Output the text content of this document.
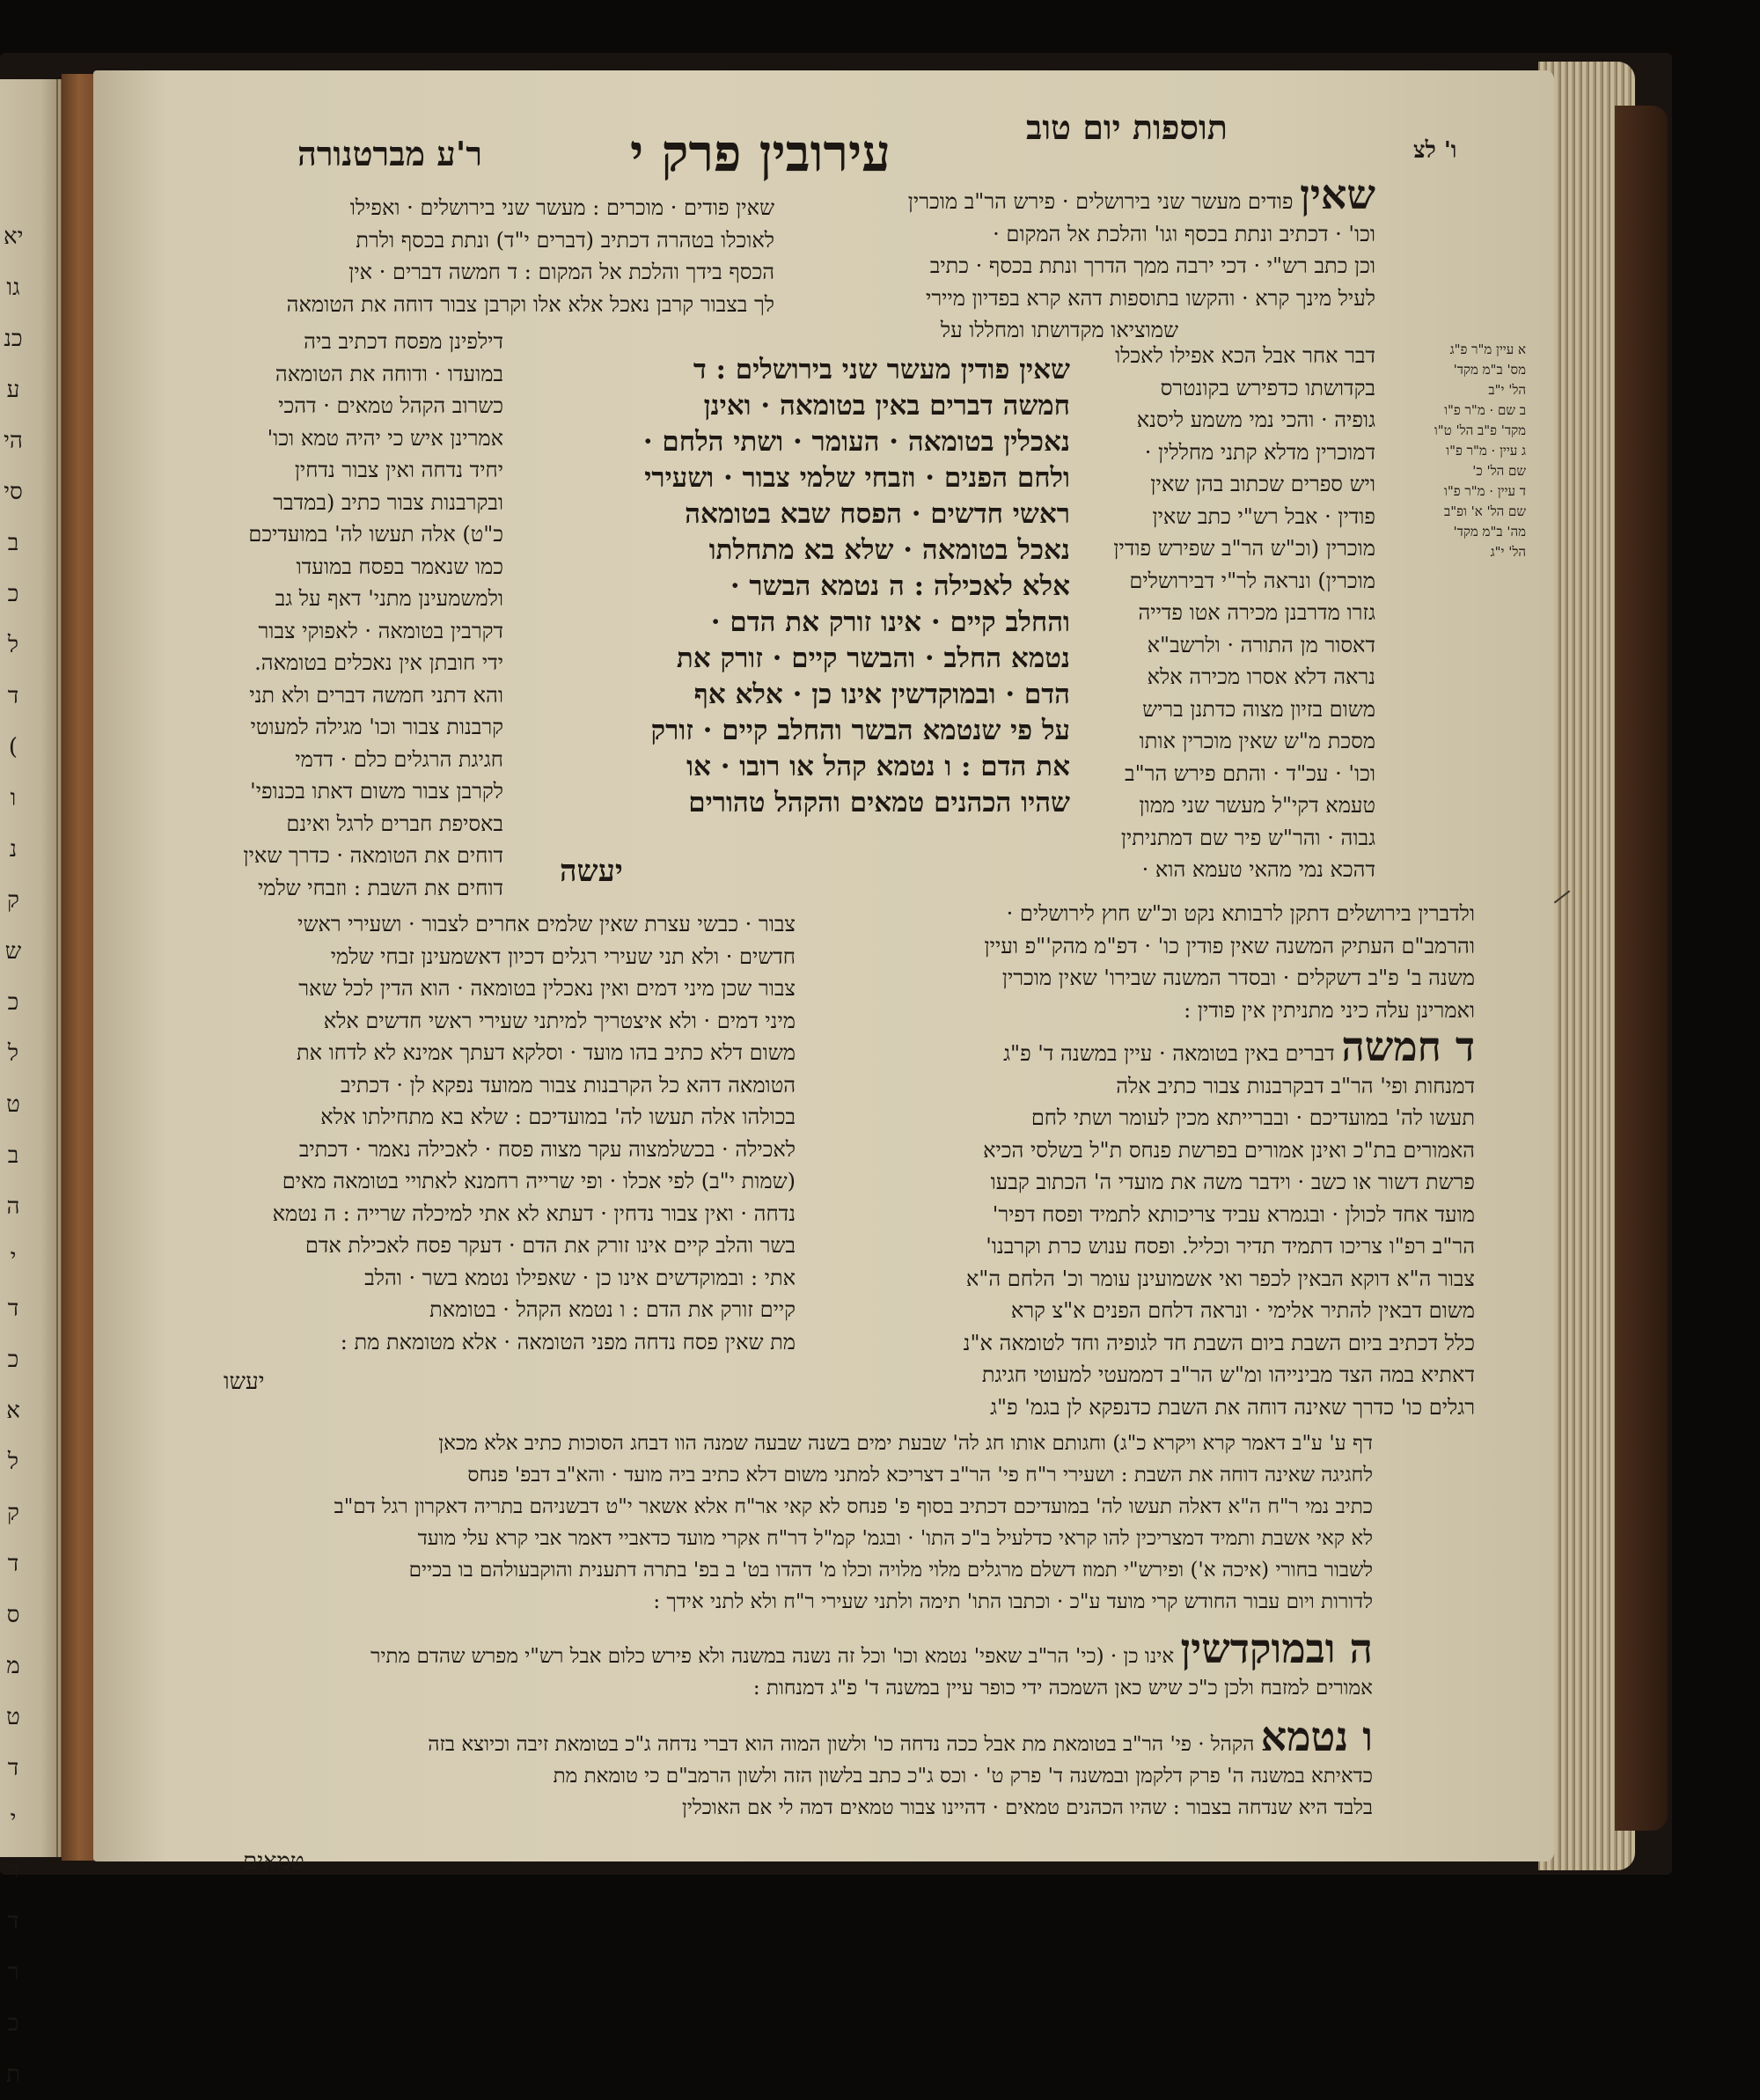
יא
גו
כנ
ע
הי
סי
ב
כ
ל
ד
(
ו
נ
ק
ש
כ
ל
ט
ב
ה
י
ד
כ
א
ל
ק
ד
ס
מ
ט
ד
י
ר
ד
ר
כ
ת
ו' לצ
תוספות יום טוב
עירובין פרק י
ר'ע מברטנורה
שאין פודים מעשר שני בירושלים · פירש הר"ב מוכרין
וכו' · דכתיב ונתת בכסף וגו' והלכת אל המקום ·
וכן כתב רש"י · דכי ירבה ממך הדרך ונתת בכסף · כתיב
לעיל מינך קרא · והקשו בתוספות דהא קרא בפדיון מיירי
שמוציאו מקדושתו ומחללו על
א עיין מ"ר פ"ג
מס' ב"מ מקד'
הל' י"ב
ב שם · מ"ר פ"ו
מקד' פ"ב הל' ט"ו
ג עיין · מ"ר פ"ו
שם הל' כ'
ד עיין · מ"ר פ"ו
שם הל' א' ופ"ב
מה' ב"מ מקד'
הל' י"ג
דבר אחר אבל הכא אפילו לאכלו
בקדושתו כדפירש בקונטרס
גופיה · והכי נמי משמע ליסנא
דמוכרין מדלא קתני מחללין ·
ויש ספרים שכתוב בהן שאין
פודין · אבל רש"י כתב שאין
מוכרין (וכ"ש הר"ב שפירש פודין
מוכרין) ונראה לר"י דבירושלים
גזרו מדרבנן מכירה אטו פדייה
דאסור מן התורה · ולרשב"א
נראה דלא אסרו מכירה אלא
משום בזיון מצוה כדתנן בריש
מסכת מ"ש שאין מוכרין אותו
וכו' · עכ"ד · והתם פירש הר"ב
טעמא דקי"ל מעשר שני ממון
גבוה · והר"ש פיר שם דמתניתין
דהכא נמי מהאי טעמא הוא ·
שאין פודין מעשר שני בירושלים : ד
חמשה דברים באין בטומאה · ואינן
נאכלין בטומאה · העומר · ושתי הלחם ·
ולחם הפנים · וזבחי שלמי צבור · ושעירי
ראשי חדשים · הפסח שבא בטומאה
נאכל בטומאה · שלא בא מתחלתו
אלא לאכילה : ה נטמא הבשר ·
והחלב קיים · אינו זורק את הדם ·
נטמא החלב · והבשר קיים · זורק את
הדם · ובמוקדשין אינו כן · אלא אף
על פי שנטמא הבשר והחלב קיים · זורק
את הדם : ו נטמא קהל או רובו · או
שהיו הכהנים טמאים והקהל טהורים
יעשה
שאין פודים · מוכרים : מעשר שני בירושלים · ואפילו
לאוכלו בטהרה דכתיב (דברים י"ד) ונתת בכסף ולרת
הכסף בידך והלכת אל המקום : ד חמשה דברים · אין
לך בצבור קרבן נאכל אלא אלו וקרבן צבור דוחה את הטומאה
דילפינן מפסח דכתיב ביה
במועדו · ודוחה את הטומאה
כשרוב הקהל טמאים · דהכי
אמרינן איש כי יהיה טמא וכו'
יחיד נדחה ואין צבור נדחין
ובקרבנות צבור כתיב (במדבר
כ"ט) אלה תעשו לה' במועדיכם
כמו שנאמר בפסח במועדו
ולמשמעינן מתני' דאף על גב
דקרבין בטומאה · לאפוקי צבור
ידי חובתן אין נאכלים בטומאה.
והא דתני חמשה דברים ולא תני
קרבנות צבור וכו' מגילה למעוטי
חגיגת הרגלים כלם · דדמי
לקרבן צבור משום דאתו בכנופי'
באסיפת חברים לרגל ואינם
דוחים את הטומאה · כדרך שאין
דוחים את השבת : וזבחי שלמי
צבור · כבשי עצרת שאין שלמים אחרים לצבור · ושעירי ראשי
חדשים · ולא תני שעירי רגלים דכיון דאשמעינן זבחי שלמי
צבור שכן מיני דמים ואין נאכלין בטומאה · הוא הדין לכל שאר
מיני דמים · ולא איצטריך למיתני שעירי ראשי חדשים אלא
משום דלא כתיב בהו מועד · וסלקא דעתך אמינא לא לדחו את
הטומאה דהא כל הקרבנות צבור ממועד נפקא לן · דכתיב
בכולהו אלה תעשו לה' במועדיכם : שלא בא מתחילתו אלא
לאכילה · בכשלמצוה עקר מצוה פסח · לאכילה נאמר · דכתיב
(שמות י"ב) לפי אכלו · ופי שרייה רחמנא לאתויי בטומאה מאים
נדחה · ואין צבור נדחין · דעתא לא אתי למיכלה שרייה : ה נטמא
בשר והלב קיים אינו זורק את הדם · דעקר פסח לאכילת אדם
אתי : ובמוקדשים אינו כן · שאפילו נטמא בשר · והלב
קיים זורק את הדם : ו נטמא הקהל · בטומאת
מת שאין פסח נדחה מפני הטומאה · אלא מטומאת מת :
יעשו
ולדברין בירושלים דתקן לרבותא נקט וכ"ש חוץ לירושלים ·
והרמב"ם העתיק המשנה שאין פודין כו' · דפ"מ מהק'"פ ועיין
משנה ב' פ"ב דשקלים · ובסדר המשנה שבירו' שאין מוכרין
ואמרינן עלה כיני מתניתין אין פודין :
ד חמשה דברים באין בטומאה · עיין במשנה ד' פ"ג
דמנחות ופי' הר"ב דבקרבנות צבור כתיב אלה
תעשו לה' במועדיכם · ובברייתא מכין לעומר ושתי לחם
האמורים בת"כ ואינן אמורים בפרשת פנחס ת"ל בשלסי הכיא
פרשת דשור או כשב · וידבר משה את מועדי ה' הכתוב קבעו
מועד אחד לכולן · ובגמרא עביד צריכותא לתמיד ופסח דפיר'
הר"ב רפ"ו צריכו דתמיד תדיר וכליל. ופסח ענוש כרת וקרבנו'
צבור ה"א דוקא הבאין לכפר ואי אשמועינן עומר וכ' הלחם ה"א
משום דבאין להתיר אלימי · ונראה דלחם הפנים א"צ קרא
כלל דכתיב ביום השבת ביום השבת חד לגופיה וחד לטומאה א"נ
דאתיא במה הצד מבינייהו ומ"ש הר"ב דממעטי למעוטי חגיגת
רגלים כו' כדרך שאינה דוחה את השבת כדנפקא לן בגמ' פ"ג
דף ע' ע"ב דאמר קרא ויקרא כ"ג) וחגותם אותו חג לה' שבעת ימים בשנה שבעה שמנה הוו דבחג הסוכות כתיב אלא מכאן
לחגיגה שאינה דוחה את השבת : ושעירי ר"ח פי' הר"ב דצריכא למתני משום דלא כתיב ביה מועד · והא"ב דבפ' פנחס
כתיב נמי ר"ח ה"א דאלה תעשו לה' במועדיכם דכתיב בסוף פ' פנחס לא קאי אר"ח אלא אשאר י"ט דבשניהם בתריה דאקרון רגל דם"ב
לא קאי אשבת ותמיד דמצריכין להו קראי כדלעיל ב"כ התו' · ובגמ' קמ"ל דר"ח אקרי מועד כדאביי דאמר אבי קרא עלי מועד
לשבור בחורי (איכה א') ופירש"י תמוז דשלם מרגלים מלוי מלויה וכלו מ' דהדו בט' ב בפ' בתרה דתענית והוקבעולהם בו בכיים
לדורות ויום עבור החודש קרי מועד ע"כ · וכתבו התו' תימה ולתני שעירי ר"ח ולא לתני אידך :
ה ובמוקדשין אינו כן · (כי' הר"ב שאפי' נטמא וכו' וכל זה נשנה במשנה ולא פירש כלום אבל רש"י מפרש שהדם מתיר
אמורים למזבח ולכן כ"כ שיש כאן השמכה ידי כופר עיין במשנה ד' פ"ג דמנחות :
ו נטמא הקהל · פי' הר"ב בטומאת מת אבל ככה נדחה כו' ולשון המוה הוא דברי נדחה ג"כ בטומאת זיבה וכיוצא בזה
כדאיתא במשנה ה' פרק דלקמן ובמשנה ד' פרק ט' · וכס ג"כ כתב בלשון הזה ולשון הרמב"ם כי טומאת מת
בלבד היא שנדחה בצבור : שהיו הכהנים טמאים · דהיינו צבור טמאים דמה לי אם האוכלין
טמאים
